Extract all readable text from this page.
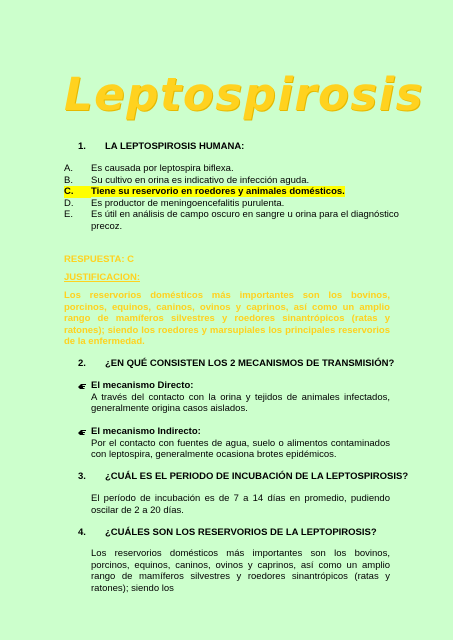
Leptospirosis
1. LA LEPTOSPIROSIS HUMANA:
A.	Es causada por leptospira biflexa.
B.	Su cultivo en orina es indicativo de infección aguda.
C.	Tiene su reservorio en roedores y animales domésticos.
D.	Es productor de meningoencefalitis purulenta.
E.	Es útil en análisis de campo oscuro en sangre u orina para el diagnóstico precoz.
RESPUESTA: C
JUSTIFICACION:
Los reservorios domésticos más importantes son los bovinos, porcinos, equinos, caninos, ovinos y caprinos, así como un amplio rango de mamíferos silvestres y roedores sinantrópicos (ratas y ratones); siendo los roedores y marsupiales los principales reservorios de la enfermedad.
2. ¿EN QUÉ CONSISTEN LOS 2 MECANISMOS DE TRANSMISIÓN?
El mecanismo Directo:
A través del contacto con la orina y tejidos de animales infectados, generalmente origina casos aislados.
El mecanismo Indirecto:
Por el contacto con fuentes de agua, suelo o alimentos contaminados con leptospira, generalmente ocasiona brotes epidémicos.
3. ¿CUÁL ES EL PERIODO DE INCUBACIÓN DE LA LEPTOSPIROSIS?
El período de incubación es de 7 a 14 días en promedio, pudiendo oscilar de 2 a 20 días.
4. ¿CUÁLES SON LOS RESERVORIOS DE LA LEPTOPIROSIS?
Los reservorios domésticos más importantes son los bovinos, porcinos, equinos, caninos, ovinos y caprinos, así como un amplio rango de mamíferos silvestres y roedores sinantrópicos (ratas y ratones); siendo los
